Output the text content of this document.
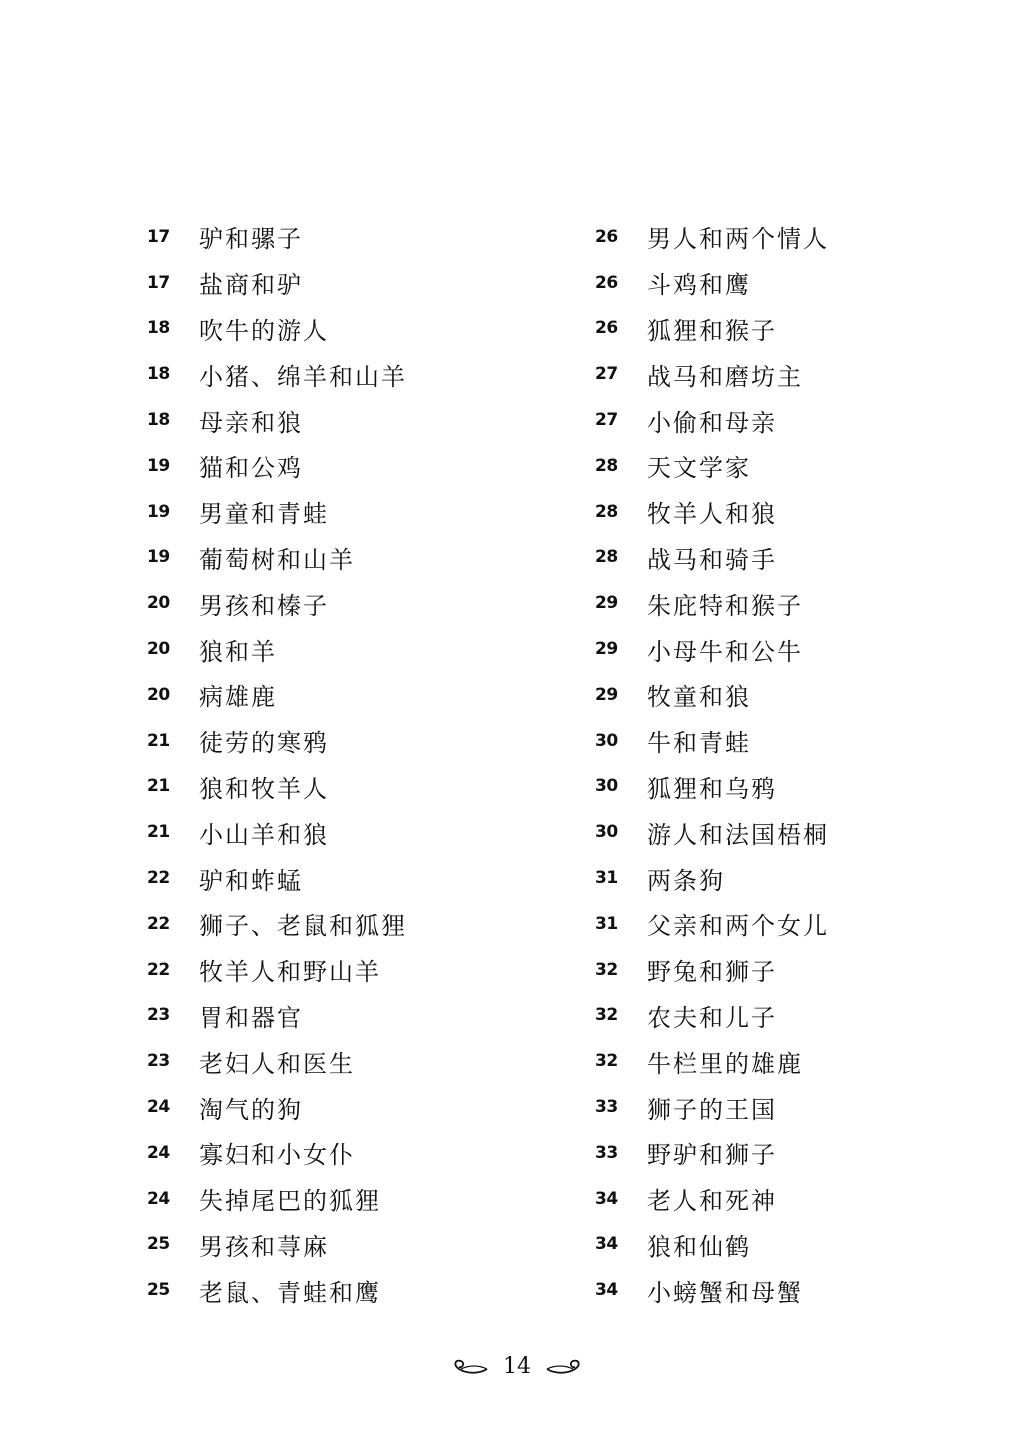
17	驴和骡子
17	盐商和驴
18	吹牛的游人
18	小猪、绵羊和山羊
18	母亲和狼
19	猫和公鸡
19	男童和青蛙
19	葡萄树和山羊
20	男孩和榛子
20	狼和羊
20	病雄鹿
21	徒劳的寒鸦
21	狼和牧羊人
21	小山羊和狼
22	驴和蚱蜢
22	狮子、老鼠和狐狸
22	牧羊人和野山羊
23	胃和器官
23	老妇人和医生
24	淘气的狗
24	寡妇和小女仆
24	失掉尾巴的狐狸
25	男孩和荨麻
25	老鼠、青蛙和鹰
26	男人和两个情人
26	斗鸡和鹰
26	狐狸和猴子
27	战马和磨坊主
27	小偷和母亲
28	天文学家
28	牧羊人和狼
28	战马和骑手
29	朱庇特和猴子
29	小母牛和公牛
29	牧童和狼
30	牛和青蛙
30	狐狸和乌鸦
30	游人和法国梧桐
31	两条狗
31	父亲和两个女儿
32	野兔和狮子
32	农夫和儿子
32	牛栏里的雄鹿
33	狮子的王国
33	野驴和狮子
34	老人和死神
34	狼和仙鹤
34	小螃蟹和母蟹
14
